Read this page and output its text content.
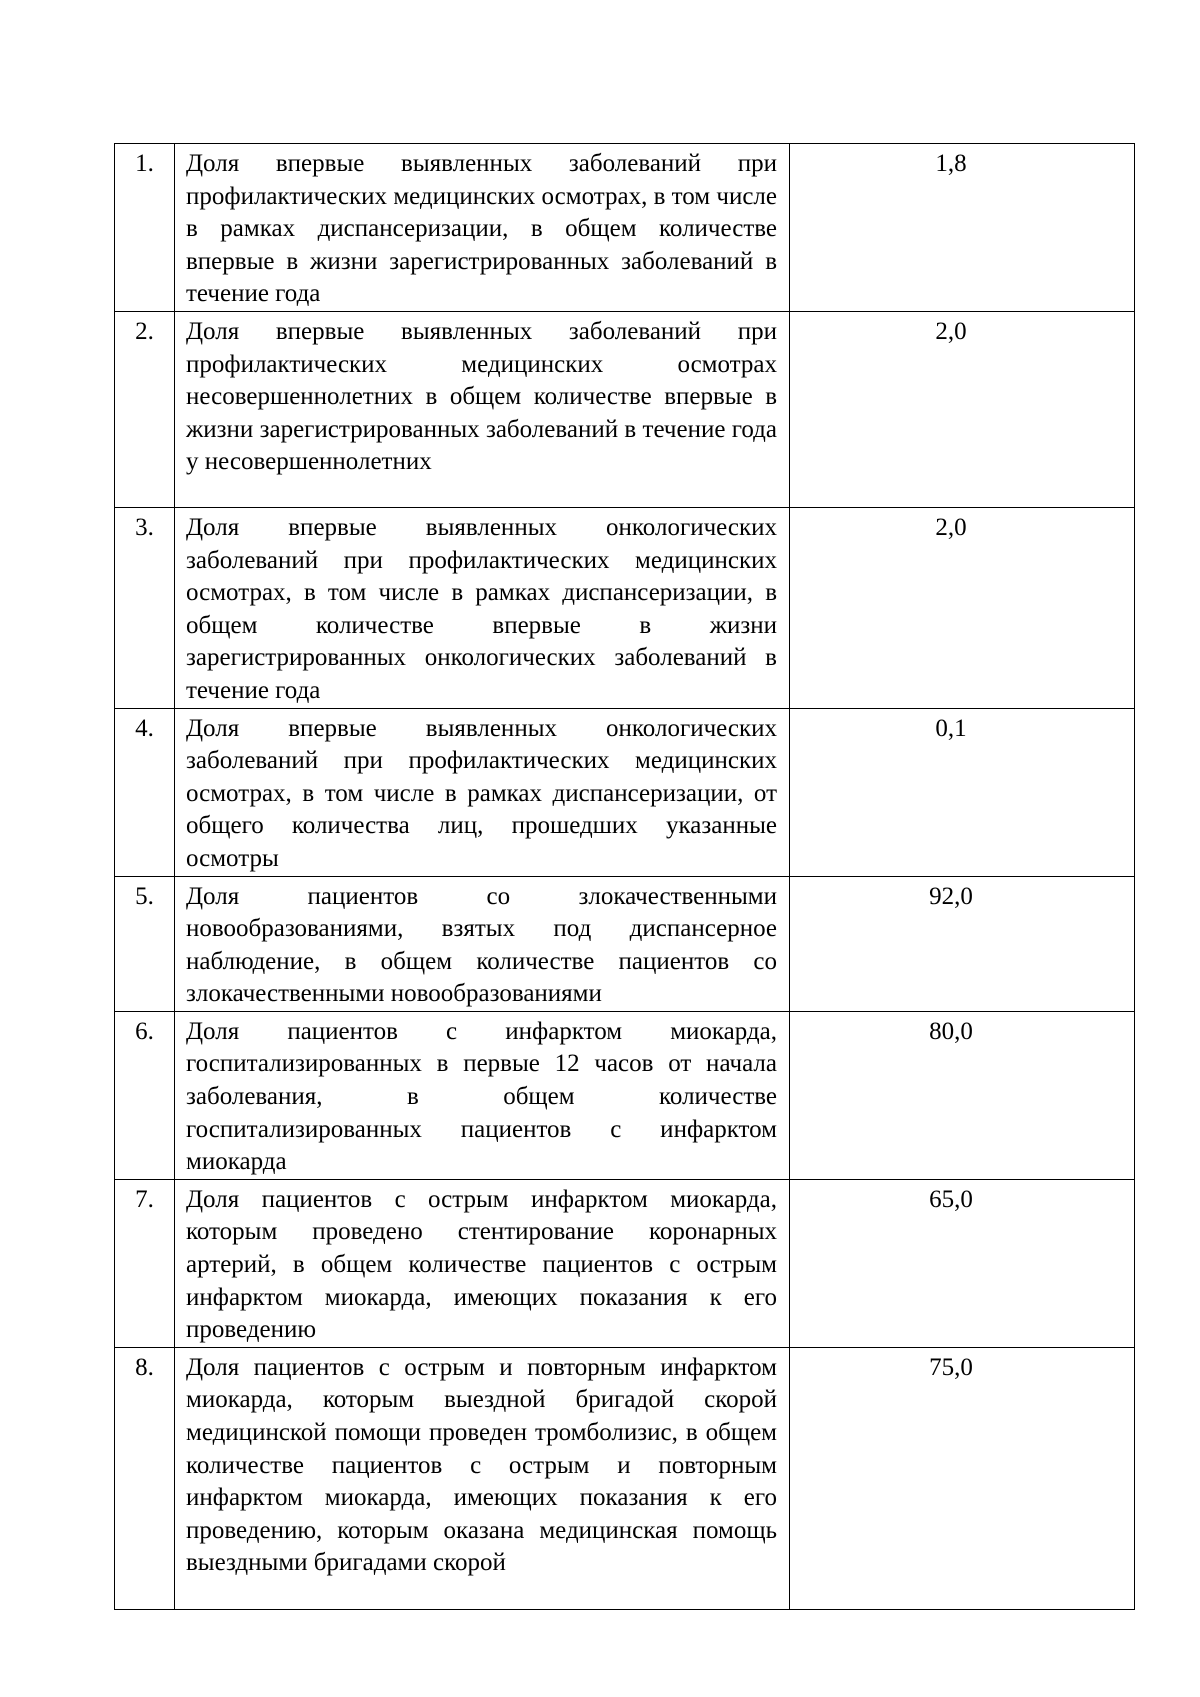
1.	Доля впервые выявленных заболеваний при профилактических медицинских осмотрах, в том числе в рамках диспансеризации, в общем количестве впервые в жизни зарегистрированных заболеваний в течение года	1,8
2.	Доля впервые выявленных заболеваний при профилактических медицинских осмотрах несовершеннолетних в общем количестве впервые в жизни зарегистрированных заболеваний в течение года у несовершеннолетних	2,0
3.	Доля впервые выявленных онкологических заболеваний при профилактических медицинских осмотрах, в том числе в рамках диспансеризации, в общем количестве впервые в жизни зарегистрированных онкологических заболеваний в течение года	2,0
4.	Доля впервые выявленных онкологических заболеваний при профилактических медицинских осмотрах, в том числе в рамках диспансеризации, от общего количества лиц, прошедших указанные осмотры	0,1
5.	Доля пациентов со злокачественными новообразованиями, взятых под диспансерное наблюдение, в общем количестве пациентов со злокачественными новообразованиями	92,0
6.	Доля пациентов с инфарктом миокарда, госпитализированных в первые 12 часов от начала заболевания, в общем количестве госпитализированных пациентов с инфарктом миокарда	80,0
7.	Доля пациентов с острым инфарктом миокарда, которым проведено стентирование коронарных артерий, в общем количестве пациентов с острым инфарктом миокарда, имеющих показания к его проведению	65,0
8.	Доля пациентов с острым и повторным инфарктом миокарда, которым выездной бригадой скорой медицинской помощи проведен тромболизис, в общем количестве пациентов с острым и повторным инфарктом миокарда, имеющих показания к его проведению, которым оказана медицинская помощь выездными бригадами скорой	75,0
